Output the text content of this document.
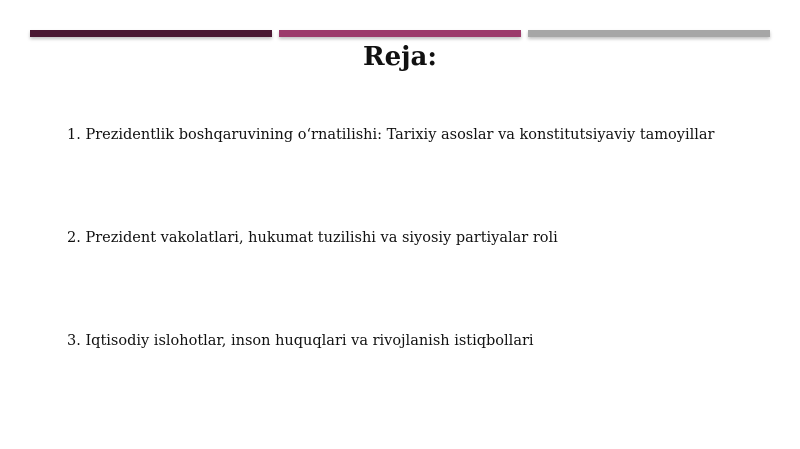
Reja:
1. Prezidentlik boshqaruvining o‘rnatilishi: Tarixiy asoslar va konstitutsiyaviy tamoyillar
2. Prezident vakolatlari, hukumat tuzilishi va siyosiy partiyalar roli
3. Iqtisodiy islohotlar, inson huquqlari va rivojlanish istiqbollari
